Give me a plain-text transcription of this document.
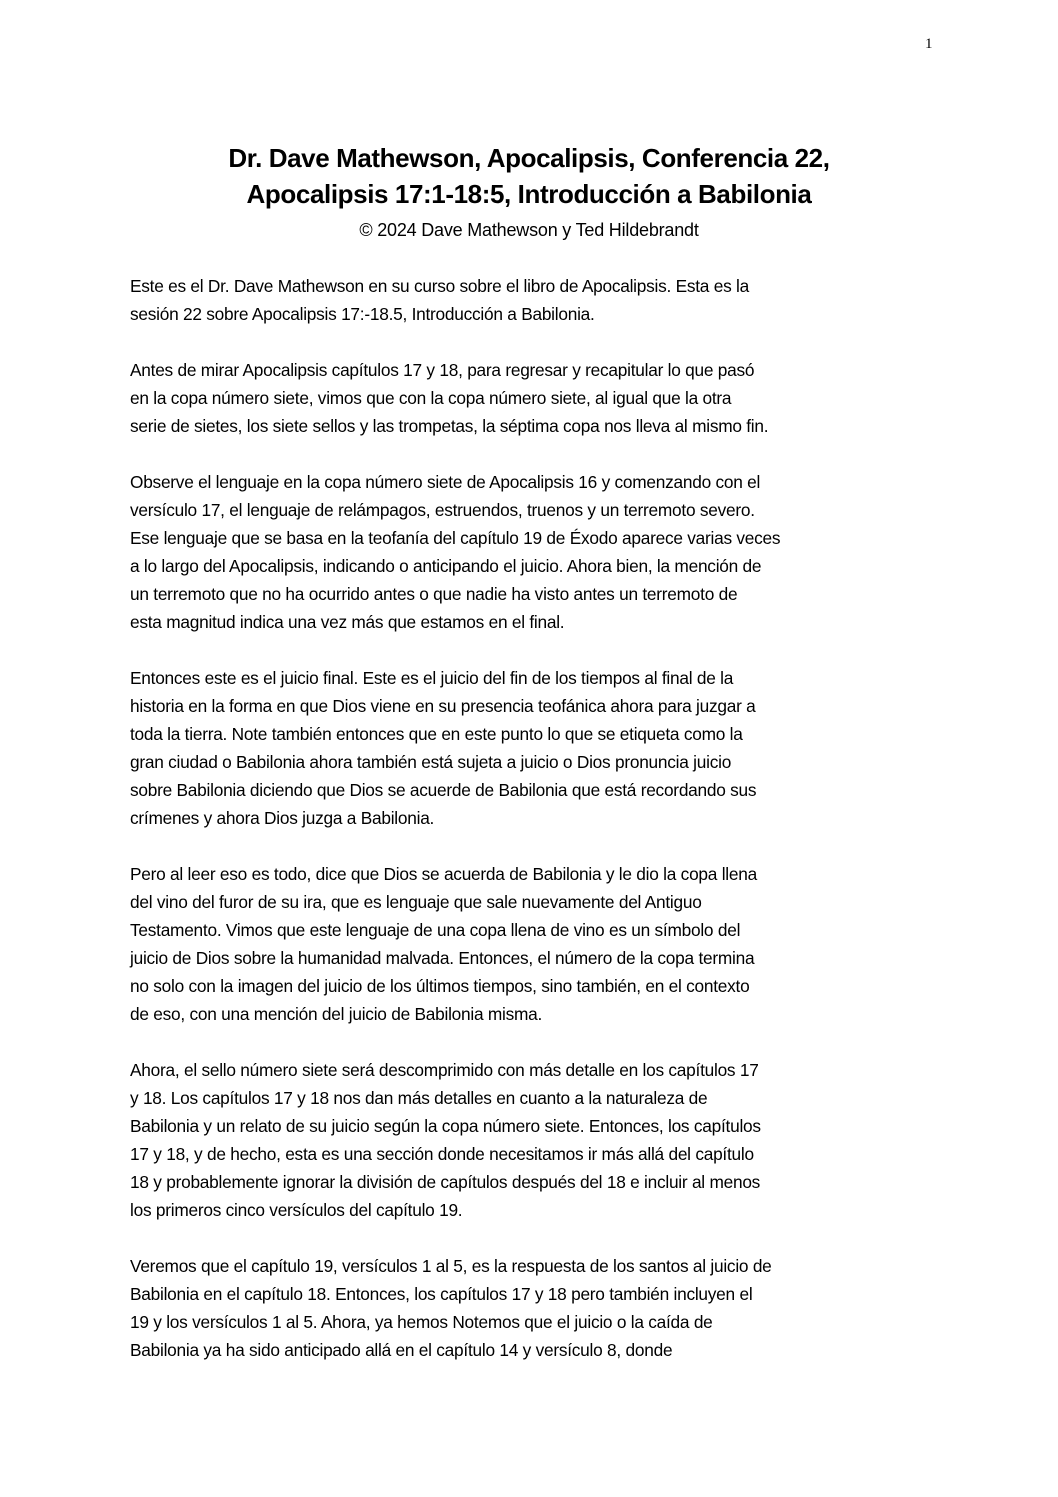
1
Dr. Dave Mathewson, Apocalipsis, Conferencia 22,
Apocalipsis 17:1-18:5, Introducción a Babilonia
© 2024 Dave Mathewson y Ted Hildebrandt
Este es el Dr. Dave Mathewson en su curso sobre el libro de Apocalipsis. Esta es la
sesión 22 sobre Apocalipsis 17:-18.5, Introducción a Babilonia.
Antes de mirar Apocalipsis capítulos 17 y 18, para regresar y recapitular lo que pasó
en la copa número siete, vimos que con la copa número siete, al igual que la otra
serie de sietes, los siete sellos y las trompetas, la séptima copa nos lleva al mismo fin.
Observe el lenguaje en la copa número siete de Apocalipsis 16 y comenzando con el
versículo 17, el lenguaje de relámpagos, estruendos, truenos y un terremoto severo.
Ese lenguaje que se basa en la teofanía del capítulo 19 de Éxodo aparece varias veces
a lo largo del Apocalipsis, indicando o anticipando el juicio. Ahora bien, la mención de
un terremoto que no ha ocurrido antes o que nadie ha visto antes un terremoto de
esta magnitud indica una vez más que estamos en el final.
Entonces este es el juicio final. Este es el juicio del fin de los tiempos al final de la
historia en la forma en que Dios viene en su presencia teofánica ahora para juzgar a
toda la tierra. Note también entonces que en este punto lo que se etiqueta como la
gran ciudad o Babilonia ahora también está sujeta a juicio o Dios pronuncia juicio
sobre Babilonia diciendo que Dios se acuerde de Babilonia que está recordando sus
crímenes y ahora Dios juzga a Babilonia.
Pero al leer eso es todo, dice que Dios se acuerda de Babilonia y le dio la copa llena
del vino del furor de su ira, que es lenguaje que sale nuevamente del Antiguo
Testamento. Vimos que este lenguaje de una copa llena de vino es un símbolo del
juicio de Dios sobre la humanidad malvada. Entonces, el número de la copa termina
no solo con la imagen del juicio de los últimos tiempos, sino también, en el contexto
de eso, con una mención del juicio de Babilonia misma.
Ahora, el sello número siete será descomprimido con más detalle en los capítulos 17
y 18. Los capítulos 17 y 18 nos dan más detalles en cuanto a la naturaleza de
Babilonia y un relato de su juicio según la copa número siete. Entonces, los capítulos
17 y 18, y de hecho, esta es una sección donde necesitamos ir más allá del capítulo
18 y probablemente ignorar la división de capítulos después del 18 e incluir al menos
los primeros cinco versículos del capítulo 19.
Veremos que el capítulo 19, versículos 1 al 5, es la respuesta de los santos al juicio de
Babilonia en el capítulo 18. Entonces, los capítulos 17 y 18 pero también incluyen el
19 y los versículos 1 al 5. Ahora, ya hemos Notemos que el juicio o la caída de
Babilonia ya ha sido anticipado allá en el capítulo 14 y versículo 8, donde
